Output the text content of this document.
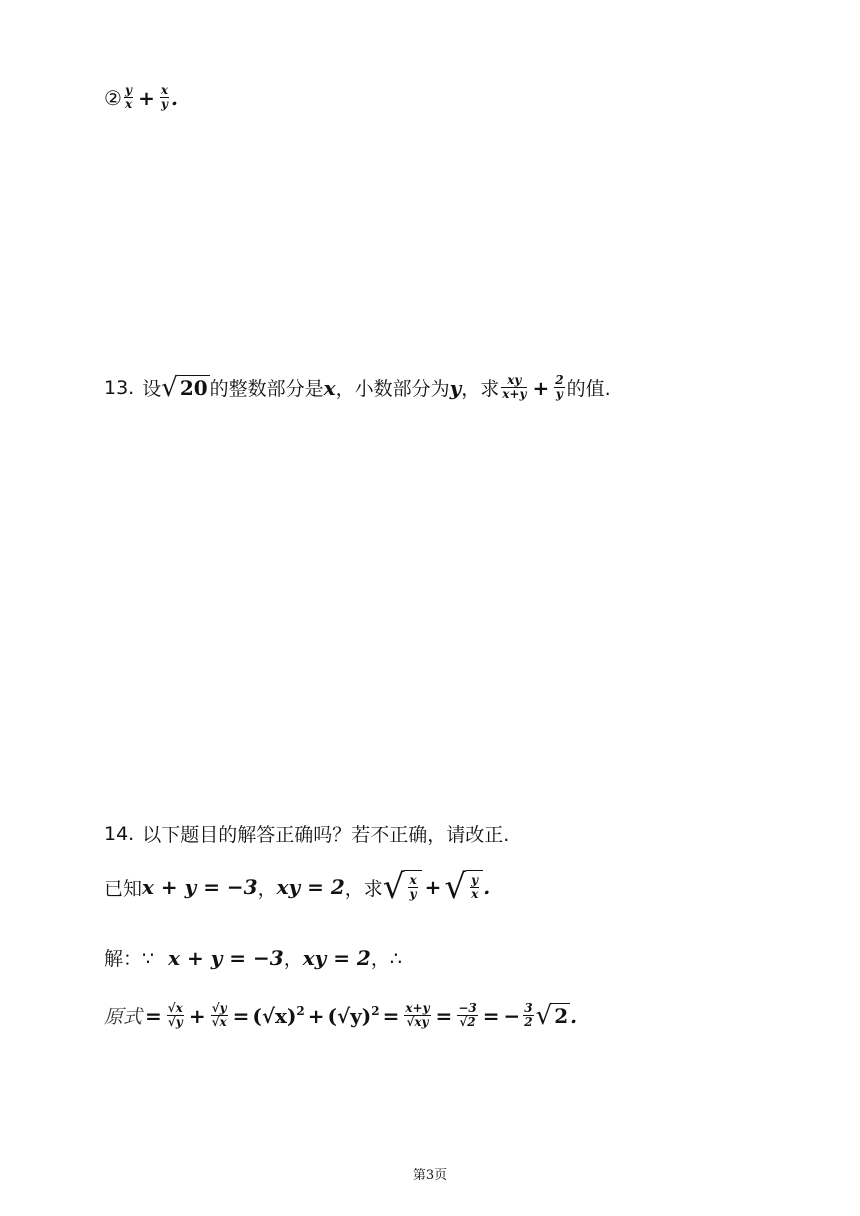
② $\frac{y}{x} + \frac{x}{y}$ .
13. 设 √ 20 的整数部分是 x ，小数部分为 y ，求 $\frac{xy}{x+y} + \frac{2}{y}$ 的值.
14. 以下题目的解答正确吗？若不正确，请改正.
已知 x + y = −3 ， xy = 2 ，求 √ $\frac{x}{y}$ + √ $\frac{y}{x}$ .
解：∵ x + y = −3 ， xy = 2 ，∴
原式 = $\frac{√x}{√y} + \frac{√y}{√x} = (√x)^2 + (√y)^2 = \frac{x+y}{√xy} = \frac{-3}{√2}$ = − $\frac{3}{2}$ √ 2 .
第3页
